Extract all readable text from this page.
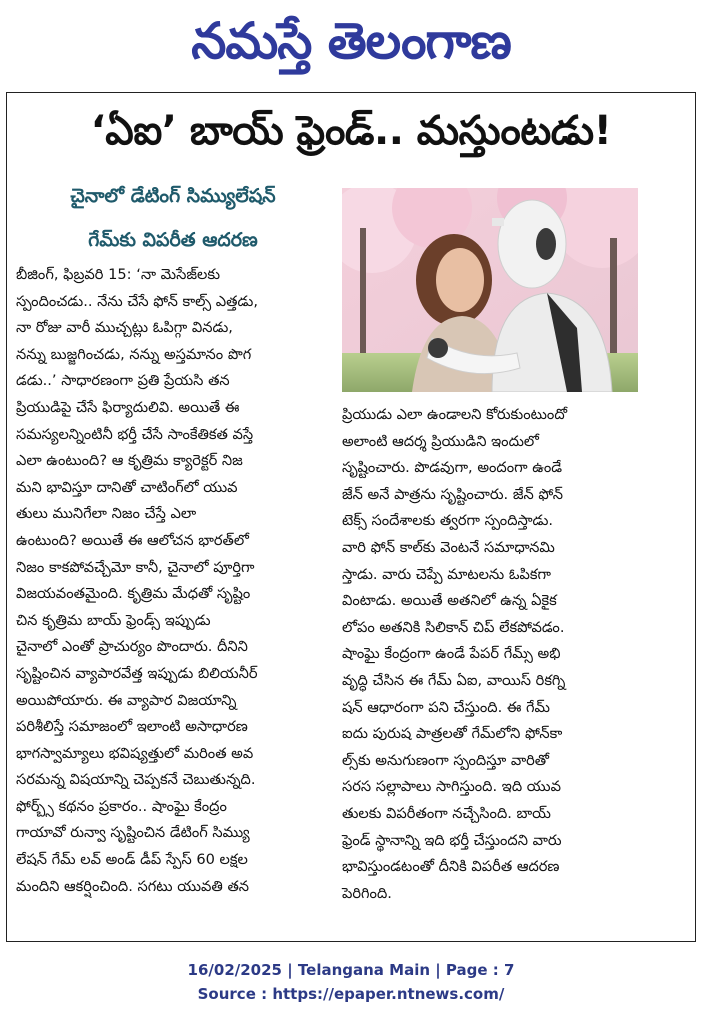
నమస్తే తెలంగాణ
‘ఏఐ’ బాయ్ ఫ్రెండ్.. మస్తుంటడు!
చైనాలో డేటింగ్ సిమ్యులేషన్
గేమ్‌కు విపరీత ఆదరణ

బీజింగ్, ఫిబ్రవరి 15: ‘నా మెసేజ్‌లకు

స్పందించడు.. నేను చేసే ఫోన్ కాల్స్ ఎత్తడు,

నా రోజు వారీ ముచ్చట్లు ఓపిగ్గా వినడు,

నన్ను బుజ్జగించడు, నన్ను అస్తమానం పొగ

డడు..’ సాధారణంగా ప్రతి ప్రేయసి తన

ప్రియుడిపై చేసే ఫిర్యాదులివి. అయితే ఈ

సమస్యలన్నింటినీ భర్తీ చేసే సాంకేతికత వస్తే

ఎలా ఉంటుంది? ఆ కృత్రిమ క్యారెక్టర్ నిజ

మని భావిస్తూ దానితో చాటింగ్‌లో యువ

తులు మునిగేలా నిజం చేస్తే ఎలా

ఉంటుంది? అయితే ఈ ఆలోచన భారత్‌లో

నిజం కాకపోవచ్చేమో కానీ, చైనాలో పూర్తిగా

విజయవంతమైంది. కృత్రిమ మేధతో సృష్టిం

చిన కృత్రిమ బాయ్ ఫ్రెండ్స్ ఇప్పుడు

చైనాలో ఎంతో ప్రాచుర్యం పొందారు. దీనిని

సృష్టించిన వ్యాపారవేత్త ఇప్పుడు బిలియనీర్

అయిపోయారు. ఈ వ్యాపార విజయాన్ని

పరిశీలిస్తే సమాజంలో ఇలాంటి అసాధారణ

భాగస్వామ్యాలు భవిష్యత్తులో మరింత అవ

సరమన్న విషయాన్ని చెప్పకనే చెబుతున్నది.

ఫోర్బ్స్ కథనం ప్రకారం.. షాంఘై కేంద్రం

గాయావో రున్వా సృష్టించిన డేటింగ్ సిమ్యు

లేషన్ గేమ్ లవ్ అండ్ డీప్ స్పేస్ 60 లక్షల

మందిని ఆకర్షించింది. సగటు యువతి తన

ప్రియుడు ఎలా ఉండాలని కోరుకుంటుందో

అలాంటి ఆదర్శ ప్రియుడిని ఇందులో

సృష్టించారు. పొడవుగా, అందంగా ఉండే

జేన్ అనే పాత్రను సృష్టించారు. జేన్ ఫోన్

టెక్స్ సందేశాలకు త్వరగా స్పందిస్తాడు.

వారి ఫోన్ కాల్‌కు వెంటనే సమాధానమి

స్తాడు. వారు చెప్పే మాటలను ఓపికగా

వింటాడు. అయితే అతనిలో ఉన్న ఏకైక

లోపం అతనికి సిలికాన్ చిప్ లేకపోవడం.

షాంఘై కేంద్రంగా ఉండే పేపర్ గేమ్స్ అభి

వృద్ధి చేసిన ఈ గేమ్ ఏఐ, వాయిస్ రికగ్ని

షన్ ఆధారంగా పని చేస్తుంది. ఈ గేమ్

ఐదు పురుష పాత్రలతో గేమ్‌లోని ఫోన్‌కా

ల్స్‌కు అనుగుణంగా స్పందిస్తూ వారితో

సరస సల్లాపాలు సాగిస్తుంది. ఇది యువ

తులకు విపరీతంగా నచ్చేసింది. బాయ్

ఫ్రెండ్ స్థానాన్ని ఇది భర్తీ చేస్తుందని వారు

భావిస్తుండటంతో దీనికి విపరీత ఆదరణ

పెరిగింది.

16/02/2025 | Telangana Main | Page : 7
Source : https://epaper.ntnews.com/
